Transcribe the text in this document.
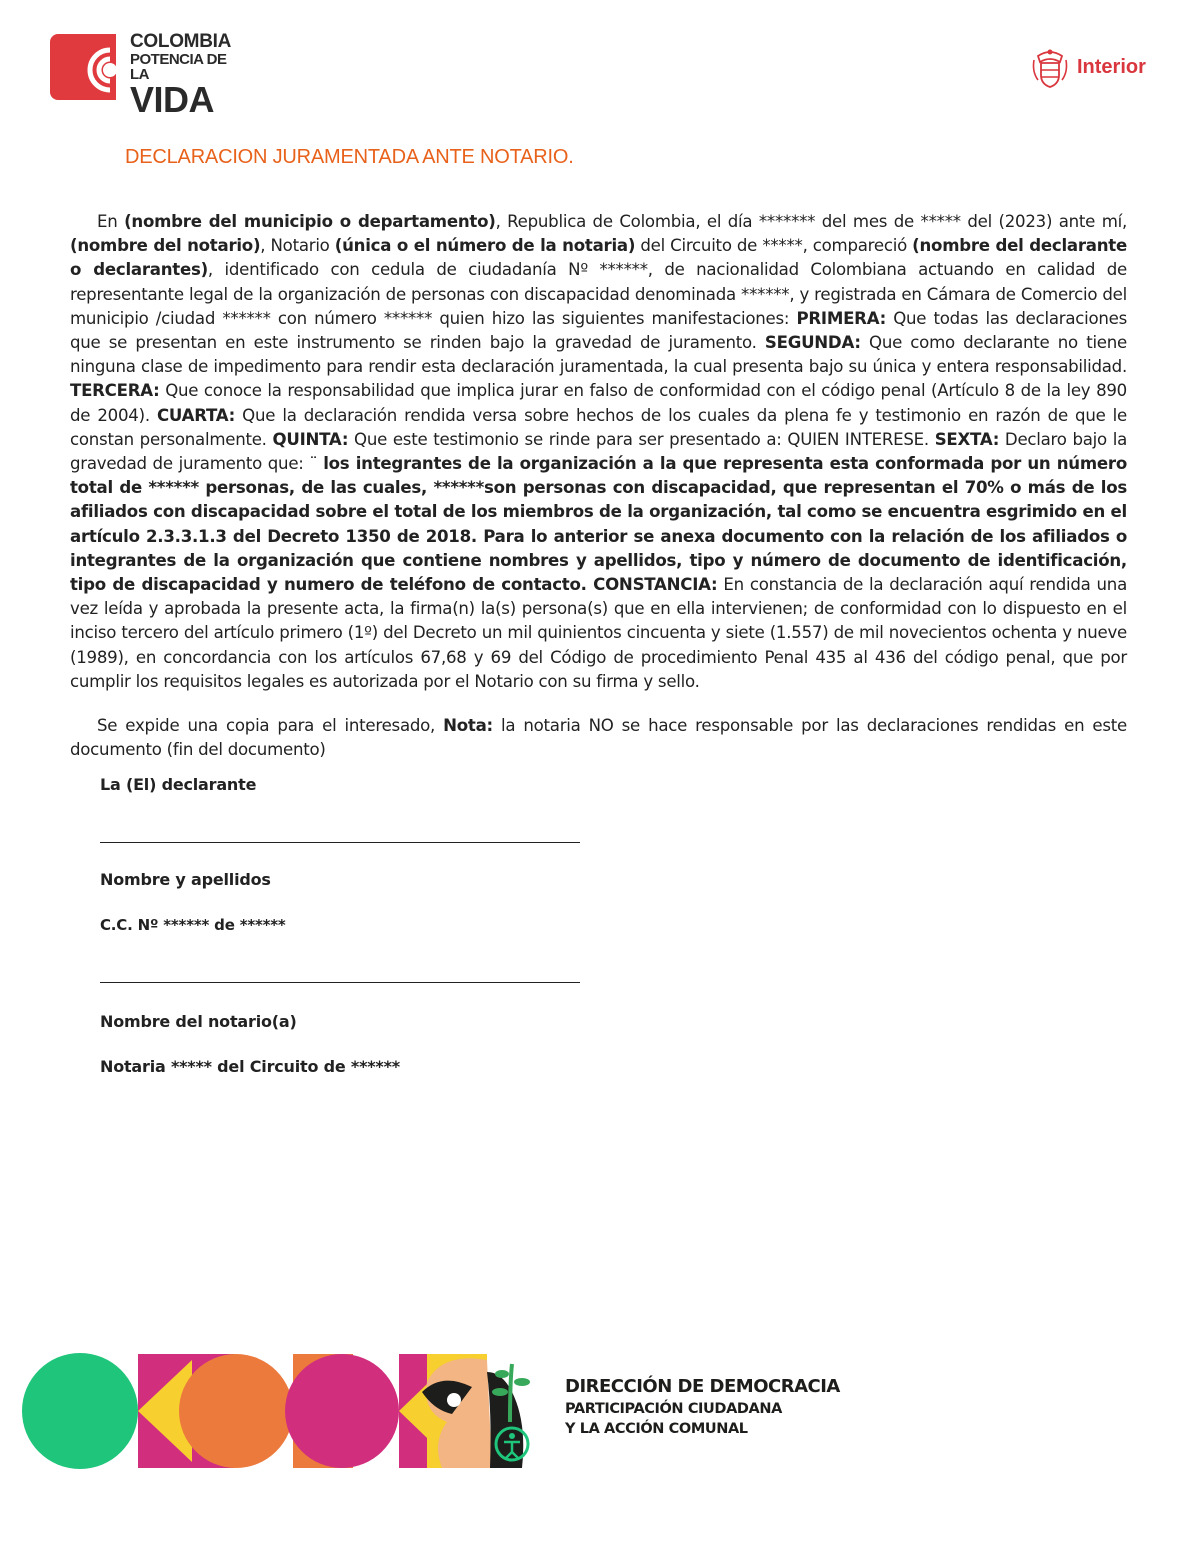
COLOMBIA
POTENCIA DE LA
VIDA
Interior
DECLARACION JURAMENTADA ANTE NOTARIO.

En (nombre del municipio o departamento), Republica de Colombia, el día ******* del mes de ***** del (2023) ante mí, (nombre del notario), Notario (única o el número de la notaria) del Circuito de *****, compareció (nombre del declarante o declarantes), identificado con cedula de ciudadanía Nº ******, de nacionalidad Colombiana actuando en calidad de representante legal de la organización de personas con discapacidad denominada ******, y registrada en Cámara de Comercio del municipio /ciudad ****** con número ****** quien hizo las siguientes manifestaciones: PRIMERA: Que todas las declaraciones que se presentan en este instrumento se rinden bajo la gravedad de juramento. SEGUNDA: Que como declarante no tiene ninguna clase de impedimento para rendir esta declaración juramentada, la cual presenta bajo su única y entera responsabilidad. TERCERA: Que conoce la responsabilidad que implica jurar en falso de conformidad con el código penal (Artículo 8 de la ley 890 de 2004). CUARTA: Que la declaración rendida versa sobre hechos de los cuales da plena fe y testimonio en razón de que le constan personalmente. QUINTA: Que este testimonio se rinde para ser presentado a: QUIEN INTERESE. SEXTA: Declaro bajo la gravedad de juramento que: ¨ los integrantes de la organización a la que representa esta conformada por un número total de ****** personas, de las cuales, ******son personas con discapacidad, que representan el 70% o más de los afiliados con discapacidad sobre el total de los miembros de la organización, tal como se encuentra esgrimido en el artículo 2.3.3.1.3 del Decreto 1350 de 2018. Para lo anterior se anexa documento con la relación de los afiliados o integrantes de la organización que contiene nombres y apellidos, tipo y número de documento de identificación, tipo de discapacidad y numero de teléfono de contacto. CONSTANCIA: En constancia de la declaración aquí rendida una vez leída y aprobada la presente acta, la firma(n) la(s) persona(s) que en ella intervienen; de conformidad con lo dispuesto en el inciso tercero del artículo primero (1º) del Decreto un mil quinientos cincuenta y siete (1.557) de mil novecientos ochenta y nueve (1989), en concordancia con los artículos 67,68 y 69 del Código de procedimiento Penal 435 al 436 del código penal, que por cumplir los requisitos legales es autorizada por el Notario con su firma y sello.

Se expide una copia para el interesado, Nota: la notaria NO se hace responsable por las declaraciones rendidas en este documento (fin del documento)

La (El) declarante
Nombre y apellidos
C.C. Nº ****** de ******
Nombre del notario(a)
Notaria ***** del Circuito de ******
DIRECCIÓN DE DEMOCRACIA
PARTICIPACIÓN CIUDADANA
Y LA ACCIÓN COMUNAL
